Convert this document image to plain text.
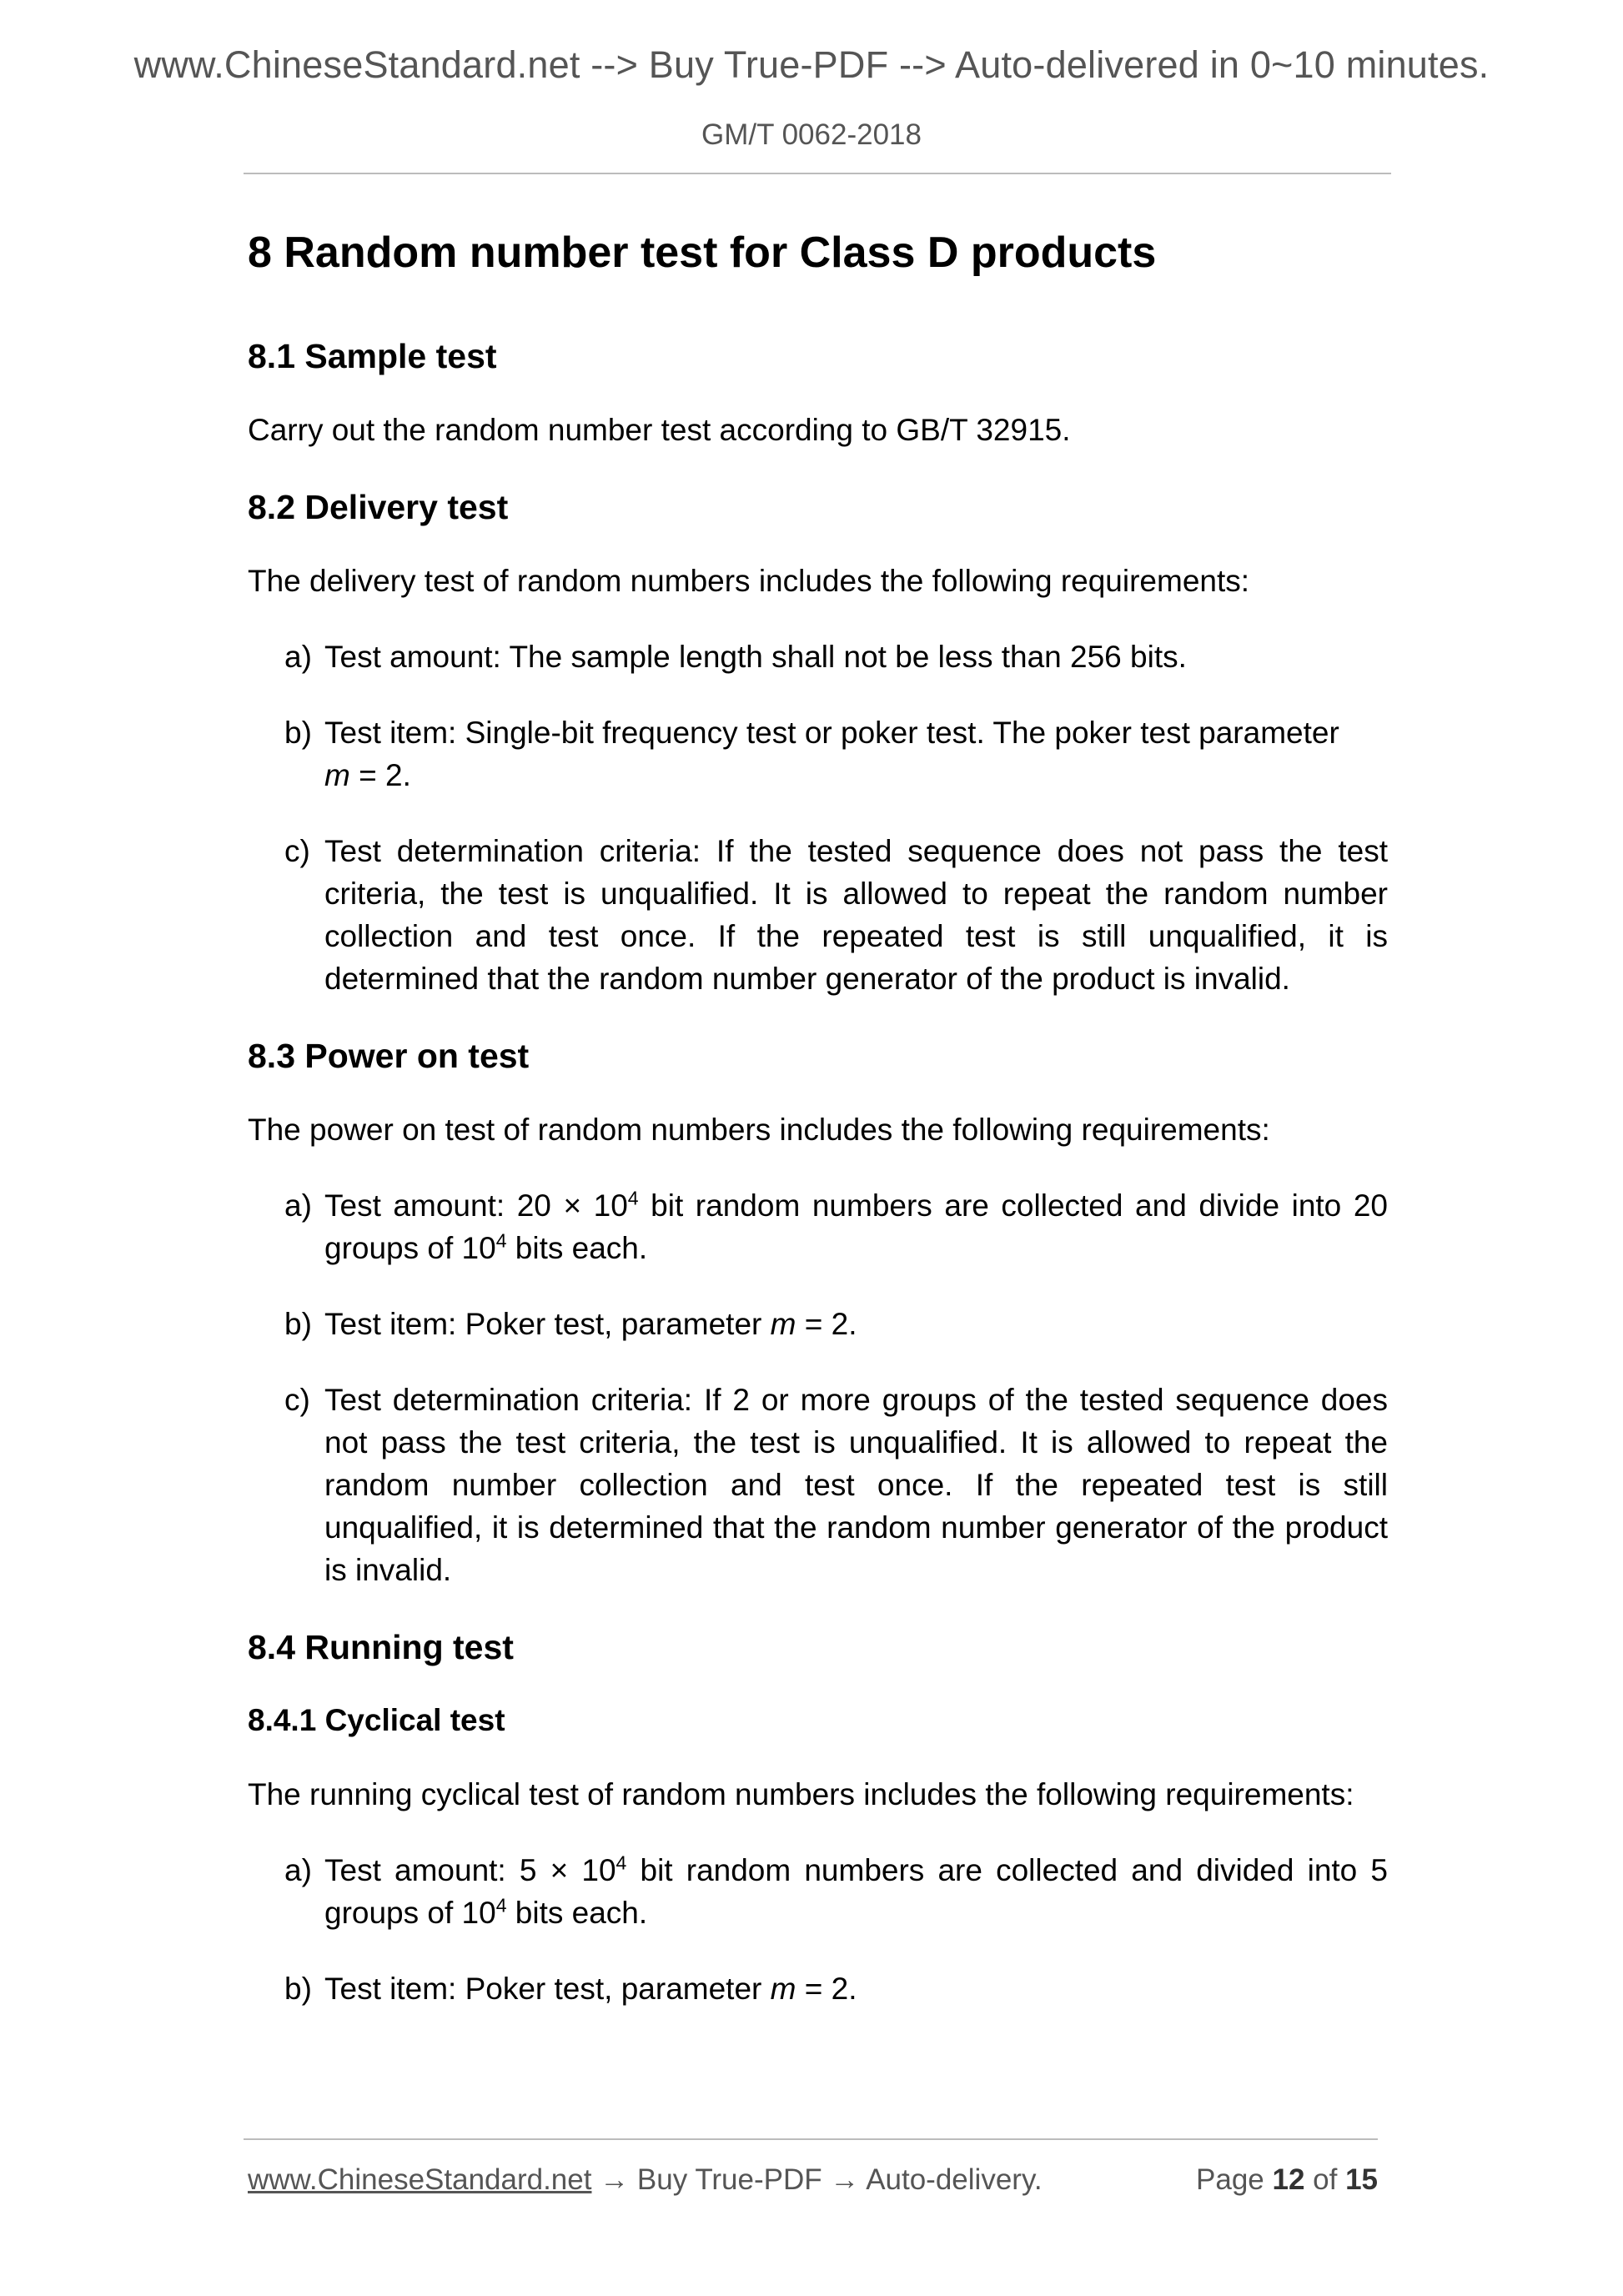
www.ChineseStandard.net --> Buy True-PDF --> Auto-delivered in 0~10 minutes.
GM/T 0062-2018
8 Random number test for Class D products
8.1 Sample test

Carry out the random number test according to GB/T 32915.

8.2 Delivery test

The delivery test of random numbers includes the following requirements:

a) Test amount: The sample length shall not be less than 256 bits.
b) Test item: Single-bit frequency test or poker test. The poker test parameter
m = 2.
c) Test determination criteria: If the tested sequence does not pass the test criteria, the test is unqualified. It is allowed to repeat the random number collection and test once. If the repeated test is still unqualified, it is determined that the random number generator of the product is invalid.
8.3 Power on test

The power on test of random numbers includes the following requirements:

a) Test amount: $20 \times 10^4$ bit random numbers are collected and divide into 20 groups of $10^4$ bits each.
b) Test item: Poker test, parameter m = 2.
c) Test determination criteria: If 2 or more groups of the tested sequence does not pass the test criteria, the test is unqualified. It is allowed to repeat the random number collection and test once. If the repeated test is still unqualified, it is determined that the random number generator of the product is invalid.
8.4 Running test
8.4.1 Cyclical test

The running cyclical test of random numbers includes the following requirements:

a) Test amount: $5 \times 10^4$ bit random numbers are collected and divided into 5 groups of $10^4$ bits each.
b) Test item: Poker test, parameter m = 2.
www.ChineseStandard.net → Buy True-PDF → Auto-delivery.	Page 12 of 15
